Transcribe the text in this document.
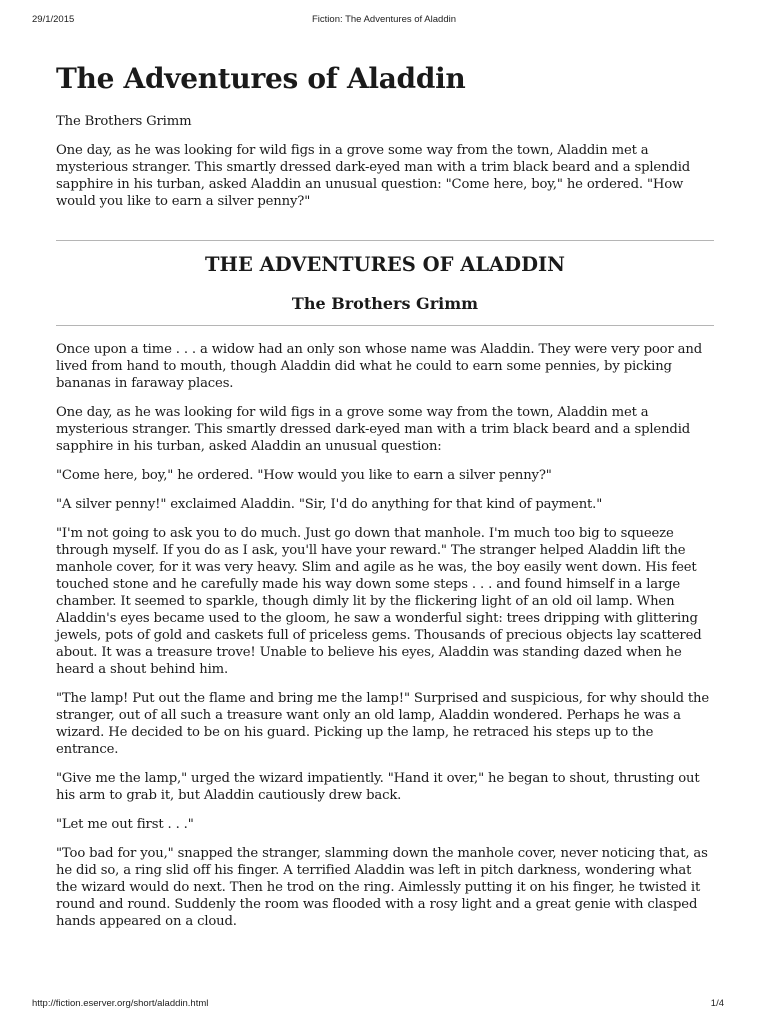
29/1/2015	Fiction: The Adventures of Aladdin
The Adventures of Aladdin

The Brothers Grimm

One day, as he was looking for wild figs in a grove some way from the town, Aladdin met a mysterious stranger. This smartly dressed dark-eyed man with a trim black beard and a splendid sapphire in his turban, asked Aladdin an unusual question: "Come here, boy," he ordered. "How would you like to earn a silver penny?"

THE ADVENTURES OF ALADDIN
The Brothers Grimm

Once upon a time . . . a widow had an only son whose name was Aladdin. They were very poor and lived from hand to mouth, though Aladdin did what he could to earn some pennies, by picking bananas in faraway places.

One day, as he was looking for wild figs in a grove some way from the town, Aladdin met a mysterious stranger. This smartly dressed dark-eyed man with a trim black beard and a splendid sapphire in his turban, asked Aladdin an unusual question:

"Come here, boy," he ordered. "How would you like to earn a silver penny?"

"A silver penny!" exclaimed Aladdin. "Sir, I'd do anything for that kind of payment."

"I'm not going to ask you to do much. Just go down that manhole. I'm much too big to squeeze through myself. If you do as I ask, you'll have your reward." The stranger helped Aladdin lift the manhole cover, for it was very heavy. Slim and agile as he was, the boy easily went down. His feet touched stone and he carefully made his way down some steps . . . and found himself in a large chamber. It seemed to sparkle, though dimly lit by the flickering light of an old oil lamp. When Aladdin's eyes became used to the gloom, he saw a wonderful sight: trees dripping with glittering jewels, pots of gold and caskets full of priceless gems. Thousands of precious objects lay scattered about. It was a treasure trove! Unable to believe his eyes, Aladdin was standing dazed when he heard a shout behind him.

"The lamp! Put out the flame and bring me the lamp!" Surprised and suspicious, for why should the stranger, out of all such a treasure want only an old lamp, Aladdin wondered. Perhaps he was a wizard. He decided to be on his guard. Picking up the lamp, he retraced his steps up to the entrance.

"Give me the lamp," urged the wizard impatiently. "Hand it over," he began to shout, thrusting out his arm to grab it, but Aladdin cautiously drew back.

"Let me out first . . ."

"Too bad for you," snapped the stranger, slamming down the manhole cover, never noticing that, as he did so, a ring slid off his finger. A terrified Aladdin was left in pitch darkness, wondering what the wizard would do next. Then he trod on the ring. Aimlessly putting it on his finger, he twisted it round and round. Suddenly the room was flooded with a rosy light and a great genie with clasped hands appeared on a cloud.

http://fiction.eserver.org/short/aladdin.html	1/4
